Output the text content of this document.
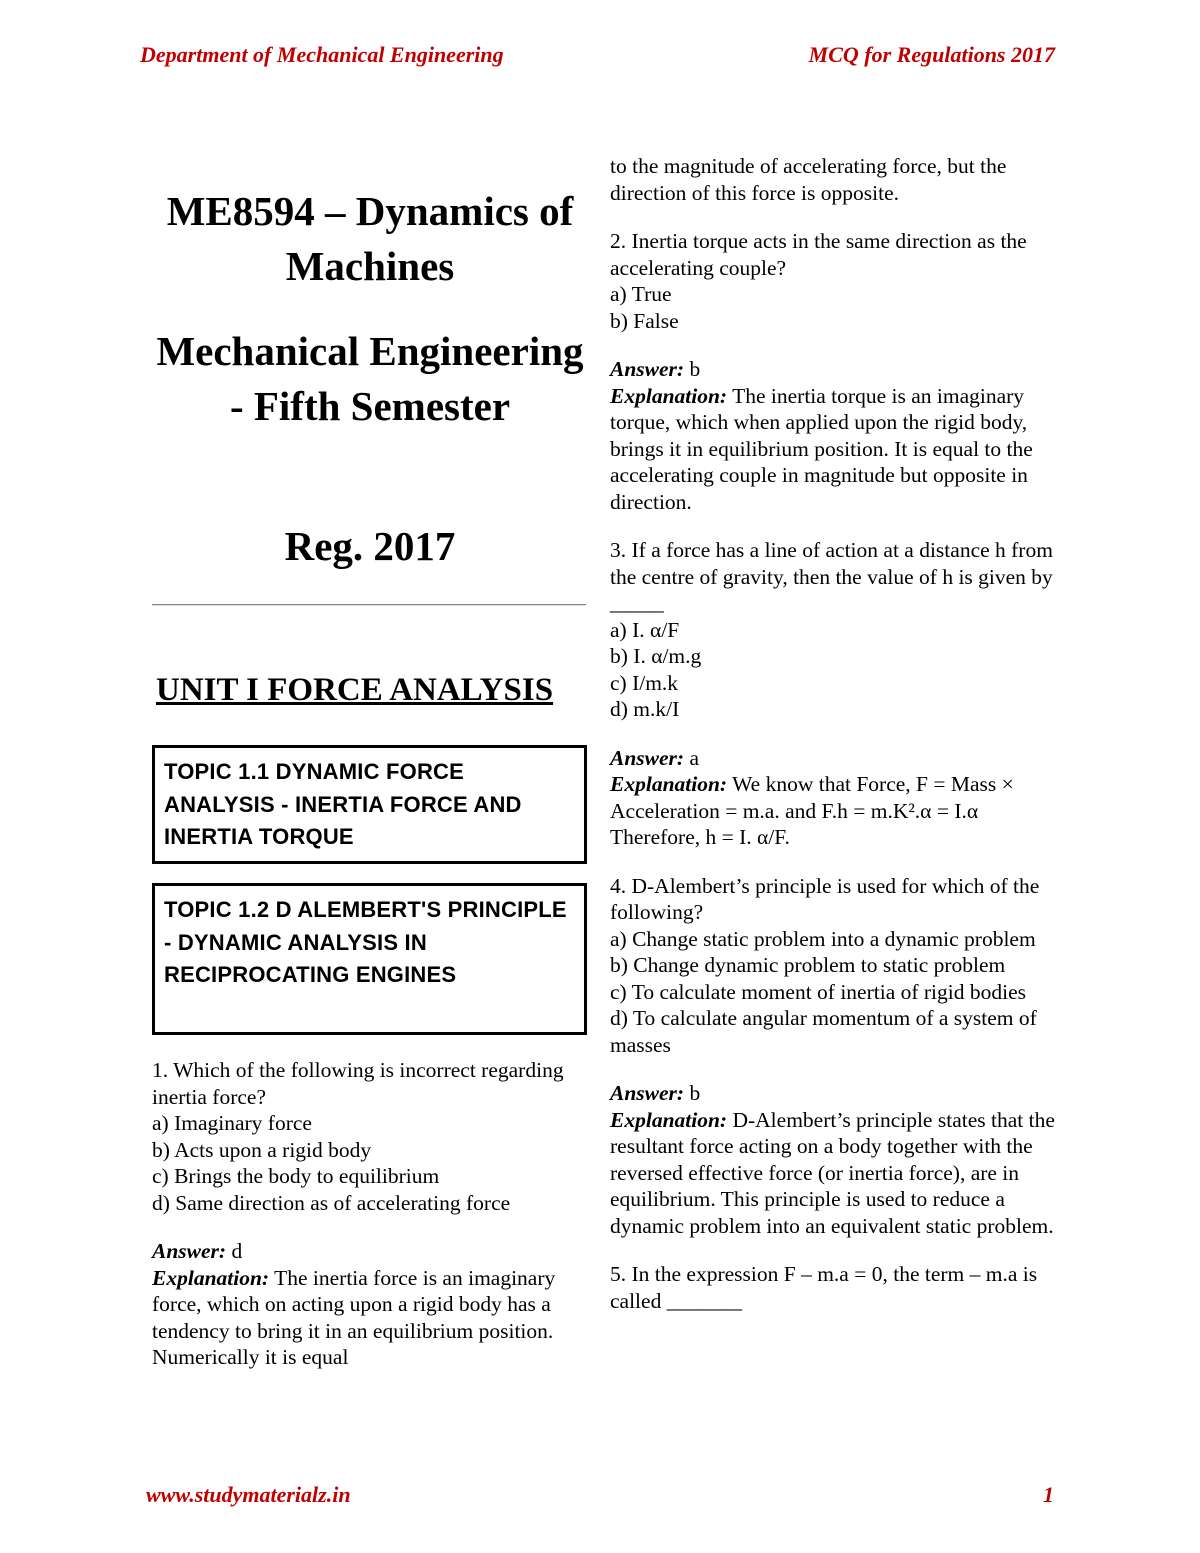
Department of Mechanical Engineering	MCQ for Regulations 2017
ME8594 – Dynamics of Machines
Mechanical Engineering - Fifth Semester
Reg. 2017
UNIT I FORCE ANALYSIS
TOPIC 1.1 DYNAMIC FORCE ANALYSIS - INERTIA FORCE AND INERTIA TORQUE
TOPIC 1.2 D ALEMBERT'S PRINCIPLE - DYNAMIC ANALYSIS IN RECIPROCATING ENGINES

1. Which of the following is incorrect regarding inertia force?

a) Imaginary force

b) Acts upon a rigid body

c) Brings the body to equilibrium

d) Same direction as of accelerating force

Answer: d

Explanation: The inertia force is an imaginary force, which on acting upon a rigid body has a tendency to bring it in an equilibrium position. Numerically it is equal

to the magnitude of accelerating force, but the direction of this force is opposite.

2. Inertia torque acts in the same direction as the accelerating couple?

a) True

b) False

Answer: b

Explanation: The inertia torque is an imaginary torque, which when applied upon the rigid body, brings it in equilibrium position. It is equal to the accelerating couple in magnitude but opposite in direction.

3. If a force has a line of action at a distance h from the centre of gravity, then the value of h is given by _____

a) I. α/F

b) I. α/m.g

c) I/m.k

d) m.k/I

Answer: a

Explanation: We know that Force, F = Mass × Acceleration = m.a. and F.h = m.K².α = I.α Therefore, h = I. α/F.

4. D-Alembert’s principle is used for which of the following?

a) Change static problem into a dynamic problem

b) Change dynamic problem to static problem

c) To calculate moment of inertia of rigid bodies

d) To calculate angular momentum of a system of masses

Answer: b

Explanation: D-Alembert’s principle states that the resultant force acting on a body together with the reversed effective force (or inertia force), are in equilibrium. This principle is used to reduce a dynamic problem into an equivalent static problem.

5. In the expression F – m.a = 0, the term – m.a is called _______

www.studymaterialz.in	1
